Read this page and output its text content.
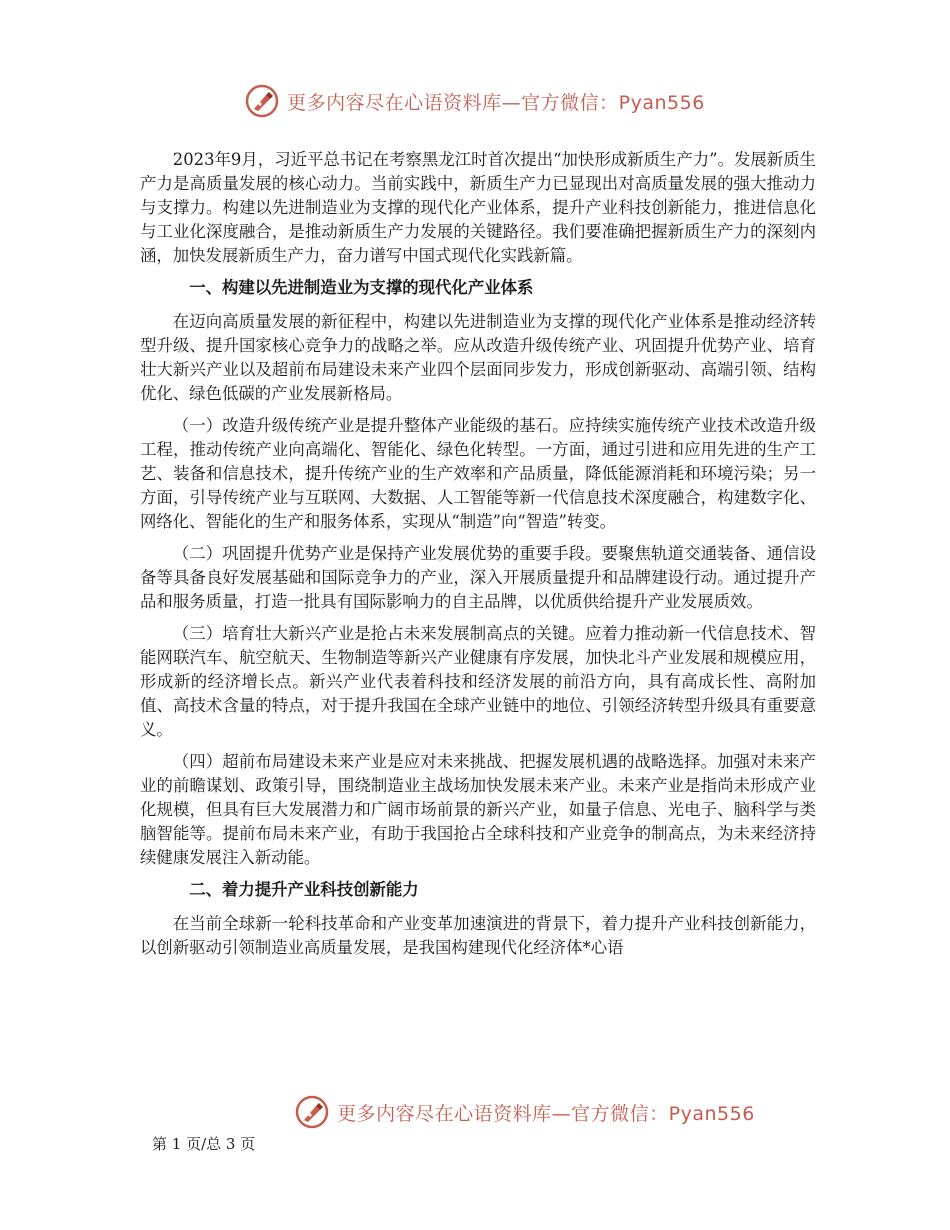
更多内容尽在心语资料库—官方微信：Pyan556

2023年9月，习近平总书记在考察黑龙江时首次提出“加快形成新质生产力”。发展新质生产力是高质量发展的核心动力。当前实践中，新质生产力已显现出对高质量发展的强大推动力与支撑力。构建以先进制造业为支撑的现代化产业体系，提升产业科技创新能力，推进信息化与工业化深度融合，是推动新质生产力发展的关键路径。我们要准确把握新质生产力的深刻内涵，加快发展新质生产力，奋力谱写中国式现代化实践新篇。

一、构建以先进制造业为支撑的现代化产业体系

在迈向高质量发展的新征程中，构建以先进制造业为支撑的现代化产业体系是推动经济转型升级、提升国家核心竞争力的战略之举。应从改造升级传统产业、巩固提升优势产业、培育壮大新兴产业以及超前布局建设未来产业四个层面同步发力，形成创新驱动、高端引领、结构优化、绿色低碳的产业发展新格局。

（一）改造升级传统产业是提升整体产业能级的基石。应持续实施传统产业技术改造升级工程，推动传统产业向高端化、智能化、绿色化转型。一方面，通过引进和应用先进的生产工艺、装备和信息技术，提升传统产业的生产效率和产品质量，降低能源消耗和环境污染；另一方面，引导传统产业与互联网、大数据、人工智能等新一代信息技术深度融合，构建数字化、网络化、智能化的生产和服务体系，实现从“制造”向“智造”转变。

（二）巩固提升优势产业是保持产业发展优势的重要手段。要聚焦轨道交通装备、通信设备等具备良好发展基础和国际竞争力的产业，深入开展质量提升和品牌建设行动。通过提升产品和服务质量，打造一批具有国际影响力的自主品牌，以优质供给提升产业发展质效。

（三）培育壮大新兴产业是抢占未来发展制高点的关键。应着力推动新一代信息技术、智能网联汽车、航空航天、生物制造等新兴产业健康有序发展，加快北斗产业发展和规模应用，形成新的经济增长点。新兴产业代表着科技和经济发展的前沿方向，具有高成长性、高附加值、高技术含量的特点，对于提升我国在全球产业链中的地位、引领经济转型升级具有重要意义。

（四）超前布局建设未来产业是应对未来挑战、把握发展机遇的战略选择。加强对未来产业的前瞻谋划、政策引导，围绕制造业主战场加快发展未来产业。未来产业是指尚未形成产业化规模，但具有巨大发展潜力和广阔市场前景的新兴产业，如量子信息、光电子、脑科学与类脑智能等。提前布局未来产业，有助于我国抢占全球科技和产业竞争的制高点，为未来经济持续健康发展注入新动能。

二、着力提升产业科技创新能力

在当前全球新一轮科技革命和产业变革加速演进的背景下，着力提升产业科技创新能力，以创新驱动引领制造业高质量发展，是我国构建现代化经济体*心语

更多内容尽在心语资料库—官方微信：Pyan556
第 1 页/总 3 页
